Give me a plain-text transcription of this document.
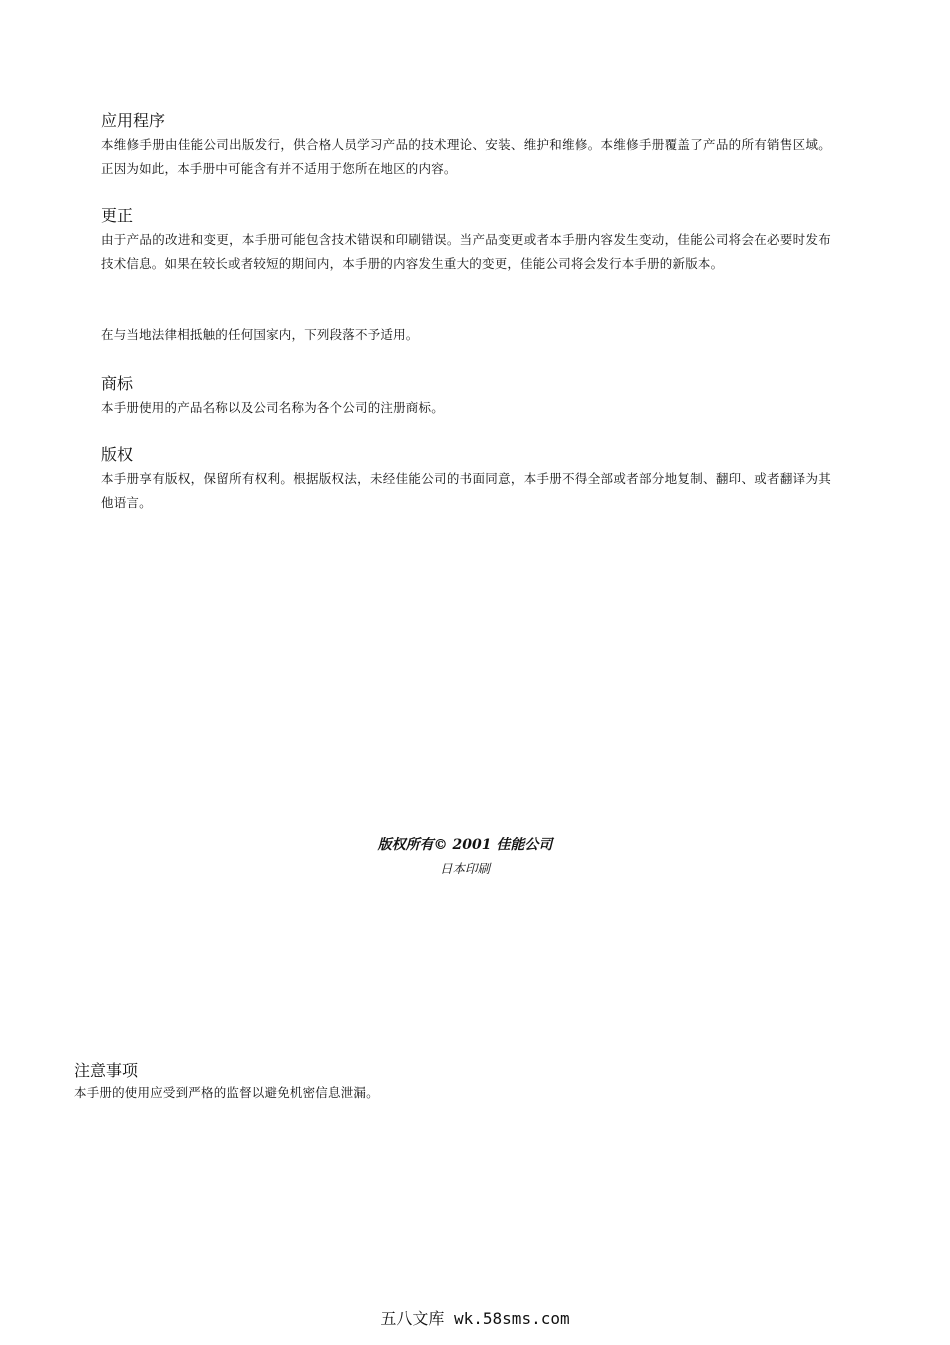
应用程序

本维修手册由佳能公司出版发行，供合格人员学习产品的技术理论、安装、维护和维修。本维修手册覆盖了产品的所有销售区域。正因为如此，本手册中可能含有并不适用于您所在地区的内容。

更正

由于产品的改进和变更，本手册可能包含技术错误和印刷错误。当产品变更或者本手册内容发生变动，佳能公司将会在必要时发布技术信息。如果在较长或者较短的期间内，本手册的内容发生重大的变更，佳能公司将会发行本手册的新版本。

在与当地法律相抵触的任何国家内，下列段落不予适用。

商标

本手册使用的产品名称以及公司名称为各个公司的注册商标。

版权

本手册享有版权，保留所有权利。根据版权法，未经佳能公司的书面同意，本手册不得全部或者部分地复制、翻印、或者翻译为其他语言。

版权所有© 2001 佳能公司
日本印刷
注意事项

本手册的使用应受到严格的监督以避免机密信息泄漏。

五八文库 wk.58sms.com
